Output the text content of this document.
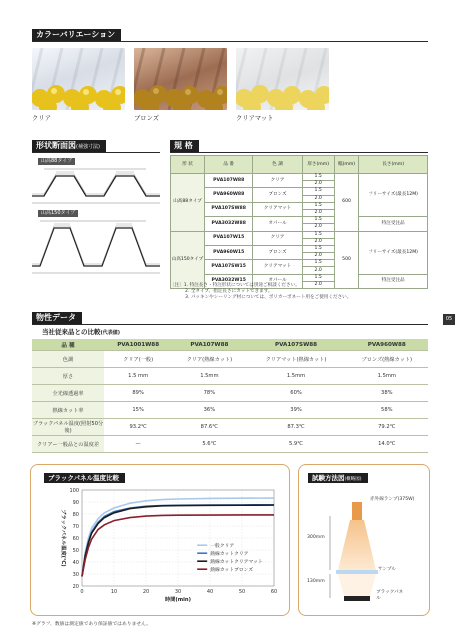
カラーバリエーション
クリア	ブロンズ	クリアマット
形状断面図(補強寸法)
山高88タイプ
山高150タイプ
規 格
形 状	品 番	色 調	厚さ(mm)	幅(mm)	長さ(mm)
山高88タイプ	PVA107W88	クリア	1.5	600	フリーサイズ(最長12M)
			2.0		
	PVA960W88	ブロンズ	1.5		
			2.0		
	PVA107SW88	クリアマット	1.5		
			2.0		
	PVA3032W88	オパール	1.5		特注受注品
			2.0		
山高150タイプ	PVA107W15	クリア	1.5	500	フリーサイズ(最長12M)
			2.0		
	PVA960W15	ブロンズ	1.5		
			2.0		
	PVA107SW15	クリアマット	1.5		
			2.0		
	PVA3032W15	オパール	1.5		特注受注品
			2.0		
〔注〕1. 特注長さ・特注形状については別途ご相談ください。
2. 全タイプ、指定長さにカットできます。
3. パッキンやシーリング材については、ポリカーボネート用をご使用ください。
05
物性データ
当社従来品との比較(代表値)
品 種	PVA1001W88	PVA107W88	PVA107SW88	PVA960W88
色調	クリア(一般)	クリア(熱線カット)	クリアマット(熱線カット)	ブロンズ(熱線カット)
厚さ	1.5 mm	1.5mm	1.5mm	1.5mm
全光線透過率	89%	78%	60%	38%
熱線カット率	15%	36%	39%	58%
ブラックパネル温度(照射50分後)	93.2℃	87.6℃	87.3℃	79.2℃
クリアー一般品との温度差	—	5.6℃	5.9℃	14.0℃
ブラックパネル温度比較
20
30
40
50
60
70
80
90
100
0	10	20	30	40	50	60
時間(min)
ブラックパネル温度(℃)	一般クリア
熱線カットクリア
熱線カットクリアマット
熱線カットブロンズ
試験方法図(概略図)
赤外線ランプ(375W)
300mm
130mm
サンプル
ブラックパネル
※グラフ、数値は測定値であり保証値ではありません。
